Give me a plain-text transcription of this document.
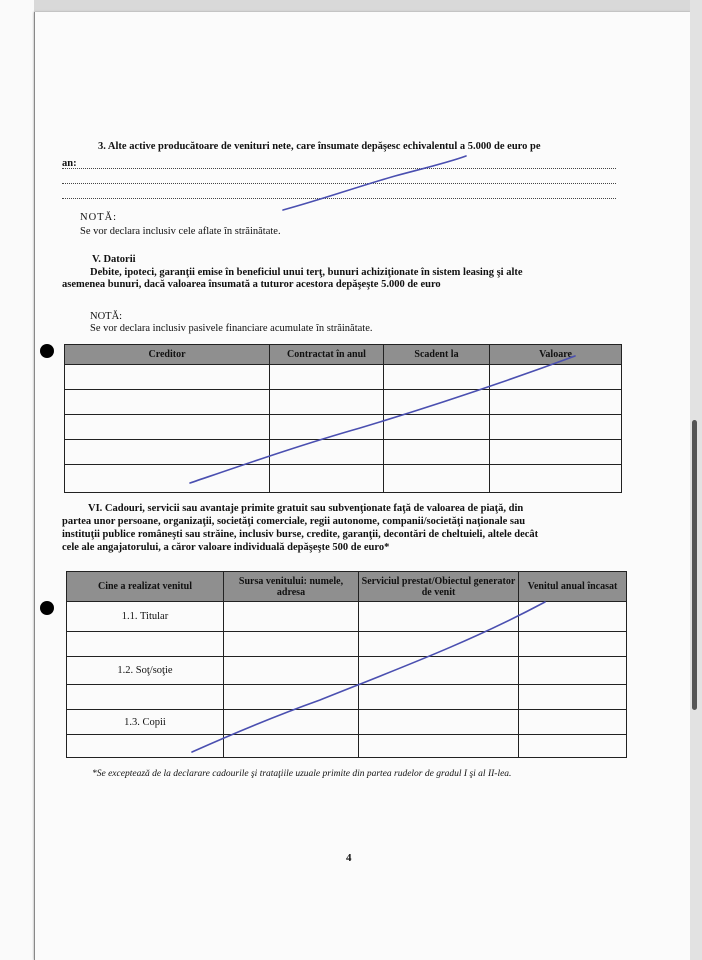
3. Alte active producătoare de venituri nete, care însumate depăşesc echivalentul a 5.000 de euro pe
an:
NOTĂ:
Se vor declara inclusiv cele aflate în străinătate.
V. Datorii
Debite, ipoteci, garanţii emise în beneficiul unui terţ, bunuri achiziţionate în sistem leasing şi alte
asemenea bunuri, dacă valoarea însumată a tuturor acestora depăşeşte 5.000 de euro
NOTĂ:
Se vor declara inclusiv pasivele financiare acumulate în străinătate.
Creditor	Contractat în anul	Scadent la	Valoare

VI. Cadouri, servicii sau avantaje primite gratuit sau subvenţionate faţă de valoarea de piaţă, din
partea unor persoane, organizaţii, societăţi comerciale, regii autonome, companii/societăţi naţionale sau
instituţii publice româneşti sau străine, inclusiv burse, credite, garanţii, decontări de cheltuieli, altele decât
cele ale angajatorului, a căror valoare individuală depăşeşte 500 de euro*
Cine a realizat venitul	Sursa venitului: numele, adresa	Serviciul prestat/Obiectul generator de venit	Venitul anual încasat
1.1. Titular			

1.2. Soţ/soţie			

1.3. Copii			

*Se exceptează de la declarare cadourile şi trataţiile uzuale primite din partea rudelor de gradul I şi al II-lea.
4
